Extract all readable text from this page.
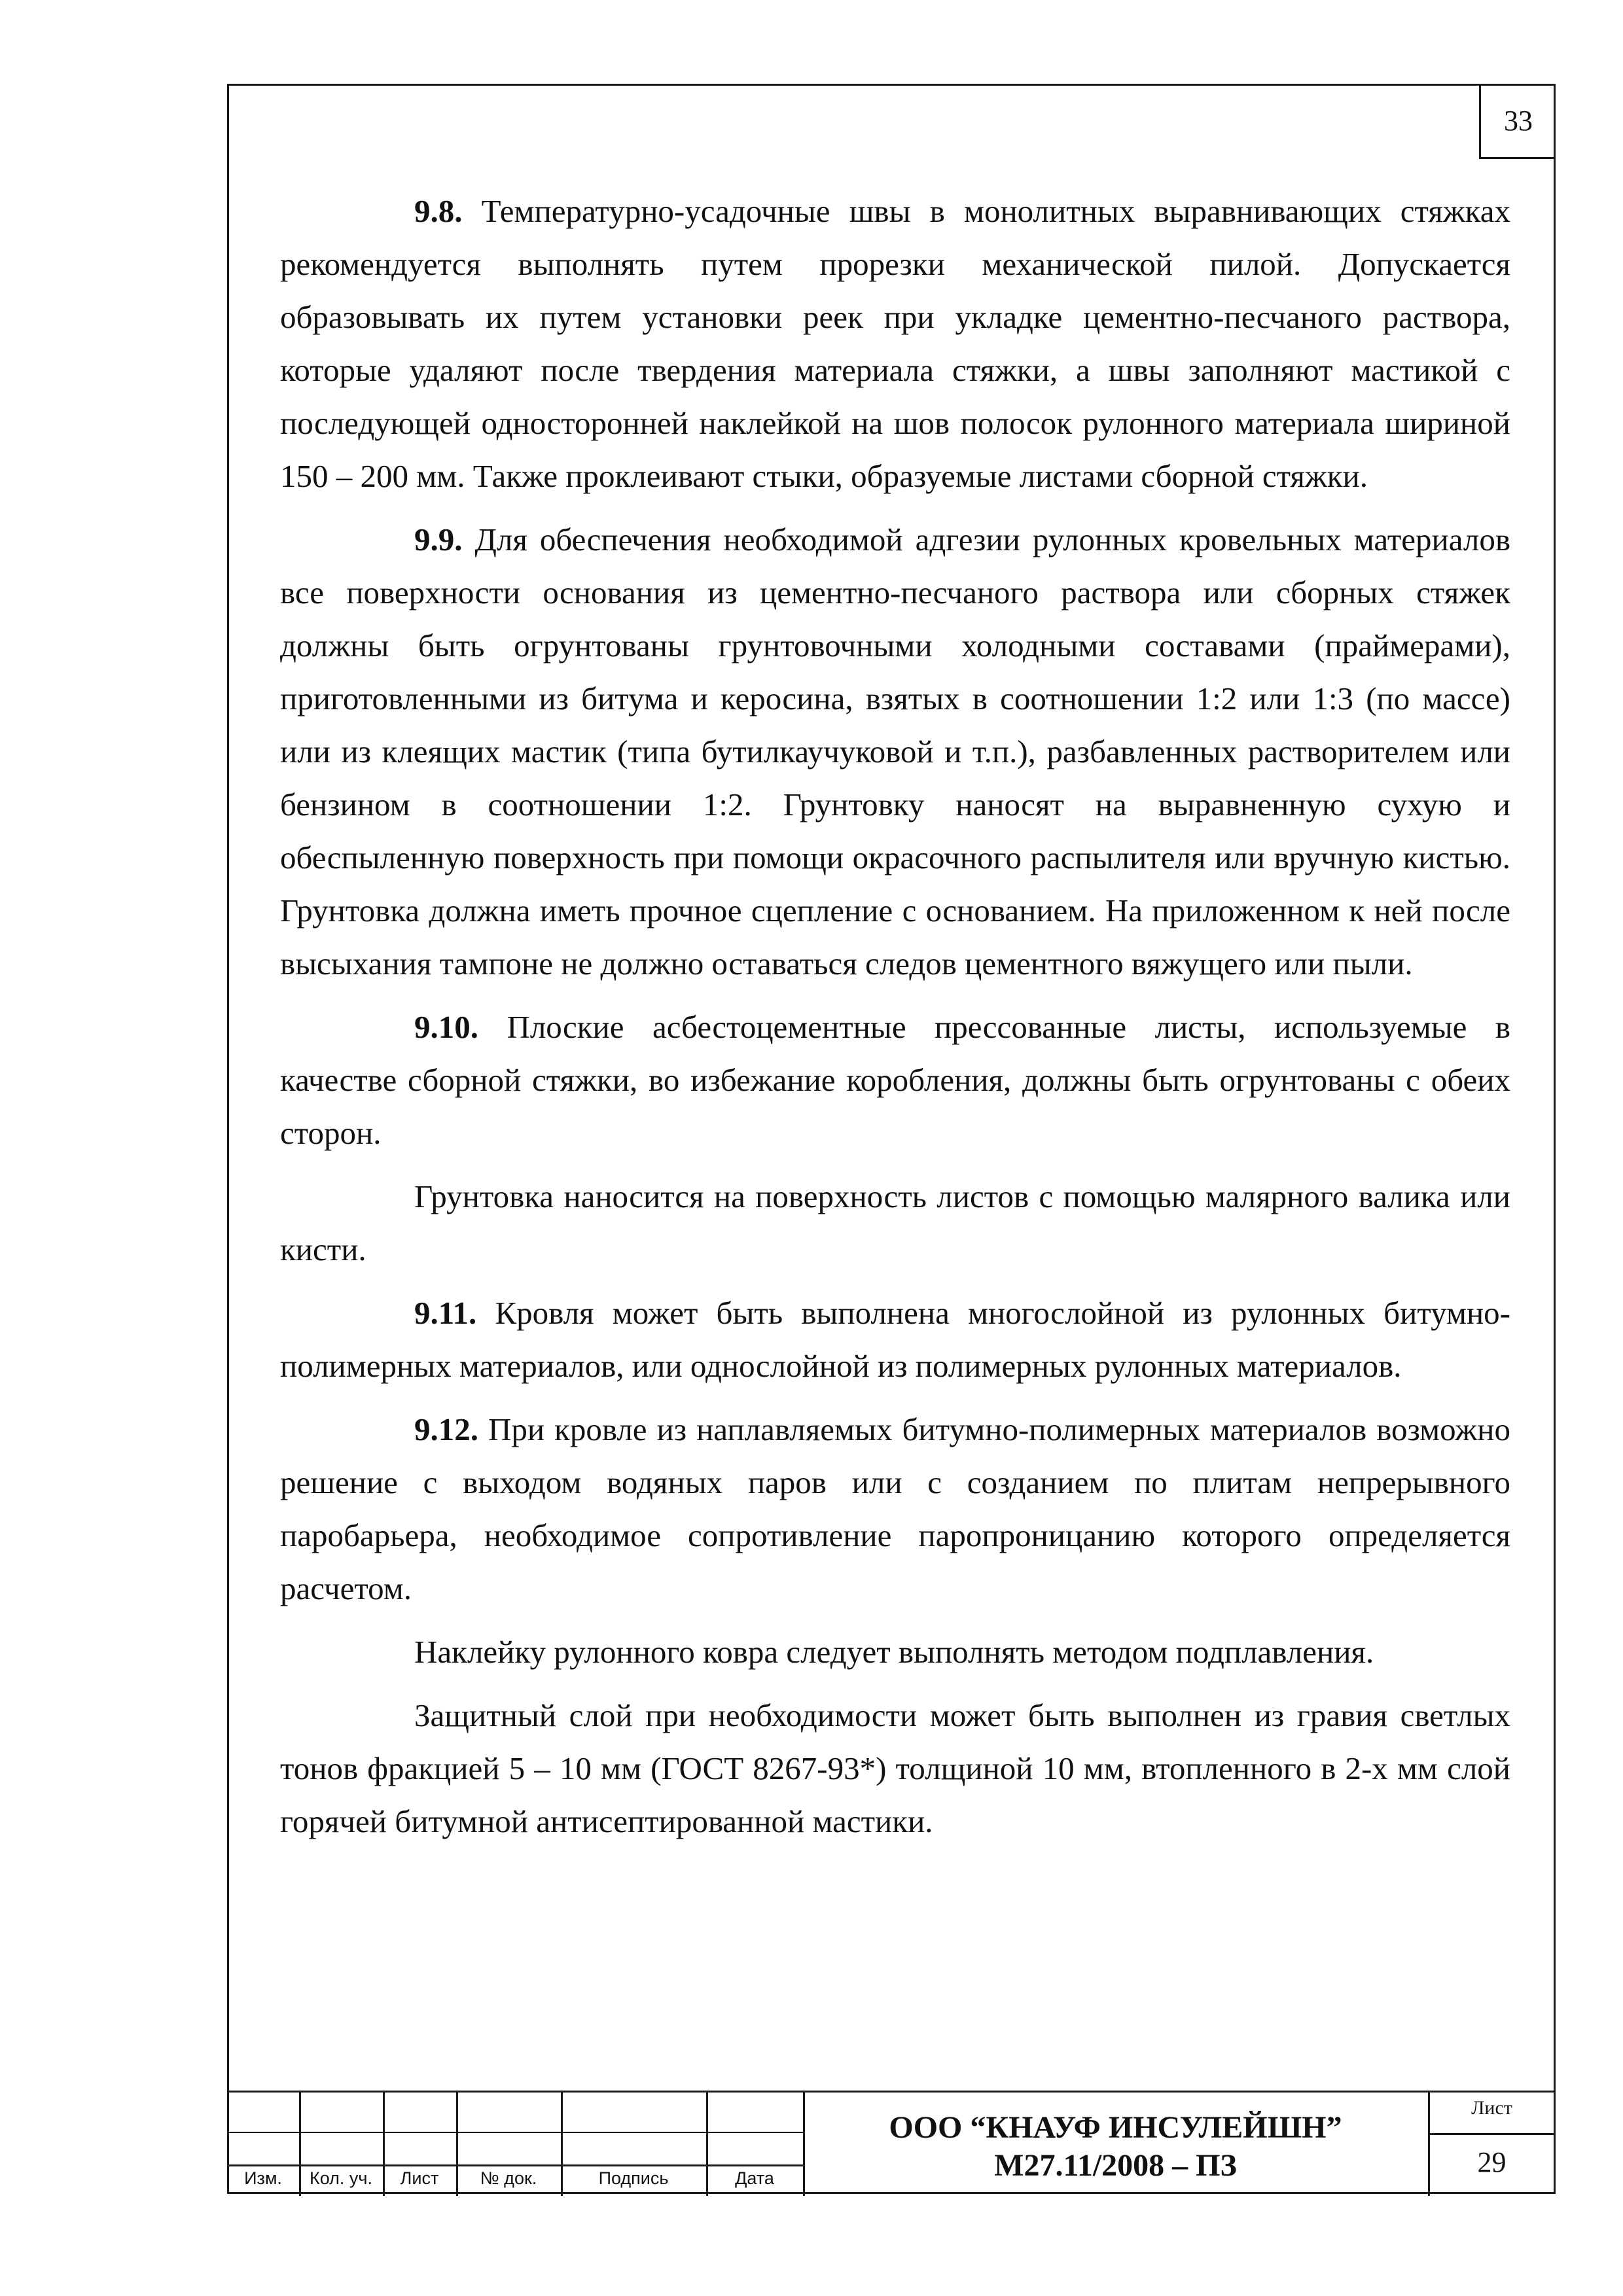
33

9.8. Температурно-усадочные швы в монолитных выравнивающих стяжках рекомендуется выполнять путем прорезки механической пилой. Допускается образовывать их путем установки реек при укладке цементно-песчаного раствора, которые удаляют после твердения материала стяжки, а швы заполняют мастикой с последующей односторонней наклейкой на шов полосок рулонного материала шириной 150 – 200 мм. Также проклеивают стыки, образуемые листами сборной стяжки.

9.9. Для обеспечения необходимой адгезии рулонных кровельных материалов все поверхности основания из цементно-песчаного раствора или сборных стяжек должны быть огрунтованы грунтовочными холодными составами (праймерами), приготовленными из битума и керосина, взятых в соотношении 1:2 или 1:3 (по массе) или из клеящих мастик (типа бутилкаучуковой и т.п.), разбавленных растворителем или бензином в соотношении 1:2. Грунтовку наносят на выравненную сухую и обеспыленную поверхность при помощи окрасочного распылителя или вручную кистью. Грунтовка должна иметь прочное сцепление с основанием. На приложенном к ней после высыхания тампоне не должно оставаться следов цементного вяжущего или пыли.

9.10. Плоские асбестоцементные прессованные листы, используемые в качестве сборной стяжки, во избежание коробления, должны быть огрунтованы с обеих сторон.

Грунтовка наносится на поверхность листов с помощью малярного валика или кисти.

9.11. Кровля может быть выполнена многослойной из рулонных битумно-полимерных материалов, или однослойной из полимерных рулонных материалов.

9.12. При кровле из наплавляемых битумно-полимерных материалов возможно решение с выходом водяных паров или с созданием по плитам непрерывного паробарьера, необходимое сопротивление паропроницанию которого определяется расчетом.

Наклейку рулонного ковра следует выполнять методом подплавления.

Защитный слой при необходимости может быть выполнен из гравия светлых тонов фракцией 5 – 10 мм (ГОСТ 8267-93*) толщиной 10 мм, втопленного в 2-х мм слой горячей битумной антисептированной мастики.

Изм.	Кол. уч.	Лист	№ док.	Подпись	Дата
ООО “КНАУФ ИНСУЛЕЙШН”
М27.11/2008 – ПЗ
Лист
29
